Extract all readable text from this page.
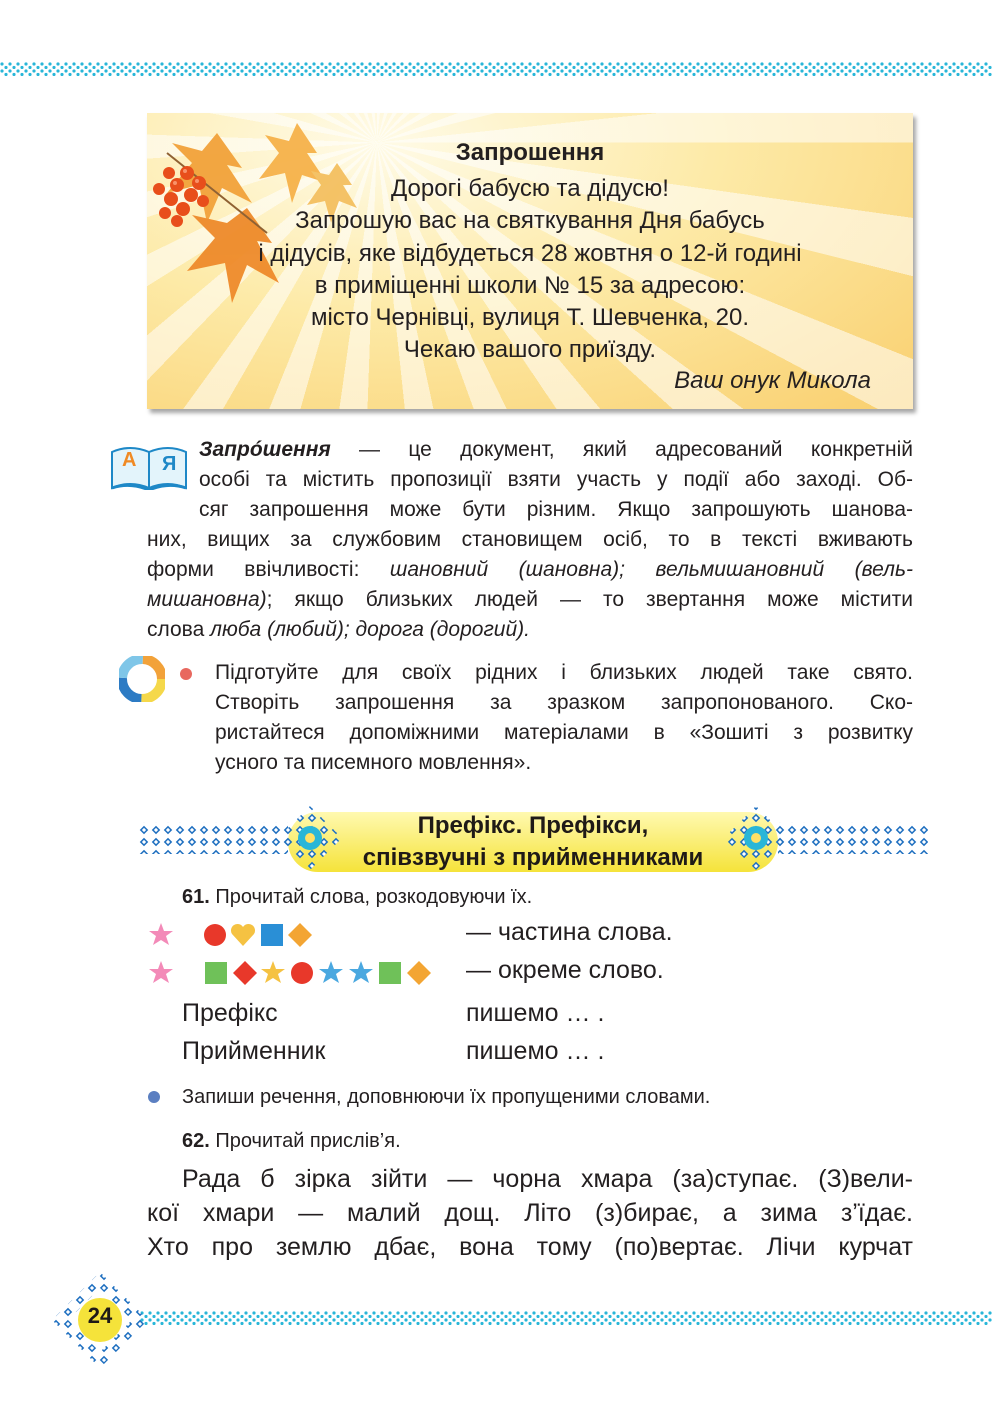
Запрошення
Дорогі бабусю та дідусю!
Запрошую вас на святкування Дня бабусь
і дідусів, яке відбудеться 28 жовтня о 12-й годині
в приміщенні школи № 15 за адресою:
місто Чернівці, вулиця Т. Шевченка, 20.
Чекаю вашого приїзду.
Ваш онук Микола
А Я
Запрóшення — це документ, який адресований конкретній
особі та містить пропозиції взяти участь у події або заході. Об-
сяг запрошення може бути різним. Якщо запрошують шанова-
них, вищих за службовим становищем осіб, то в тексті вживають
форми ввічливості: шановний (шановна); вельмишановний (вель-
мишановна); якщо близьких людей — то звертання може містити
слова люба (любий); дорога (дорогий).
Підготуйте для своїх рідних і близьких людей таке свято.
Створіть запрошення за зразком запропонованого. Ско-
ристайтеся допоміжними матеріалами в «Зошиті з розвитку
усного та писемного мовлення».
Префікс. Префікси,
співзвучні з прийменниками
61. Прочитай слова, розкодовуючи їх.
— частина слова.
— окреме слово.
Префікс	пишемо … .
Прийменник	пишемо … .
Запиши речення, доповнюючи їх пропущеними словами.
62. Прочитай прислів’я.
Рада б зірка зійти — чорна хмара (за)ступає. (З)вели-
кої хмари — малий дощ. Літо (з)бирає, а зима з’їдає.
Хто про землю дбає, вона тому (по)вертає. Лічи курчат
24
